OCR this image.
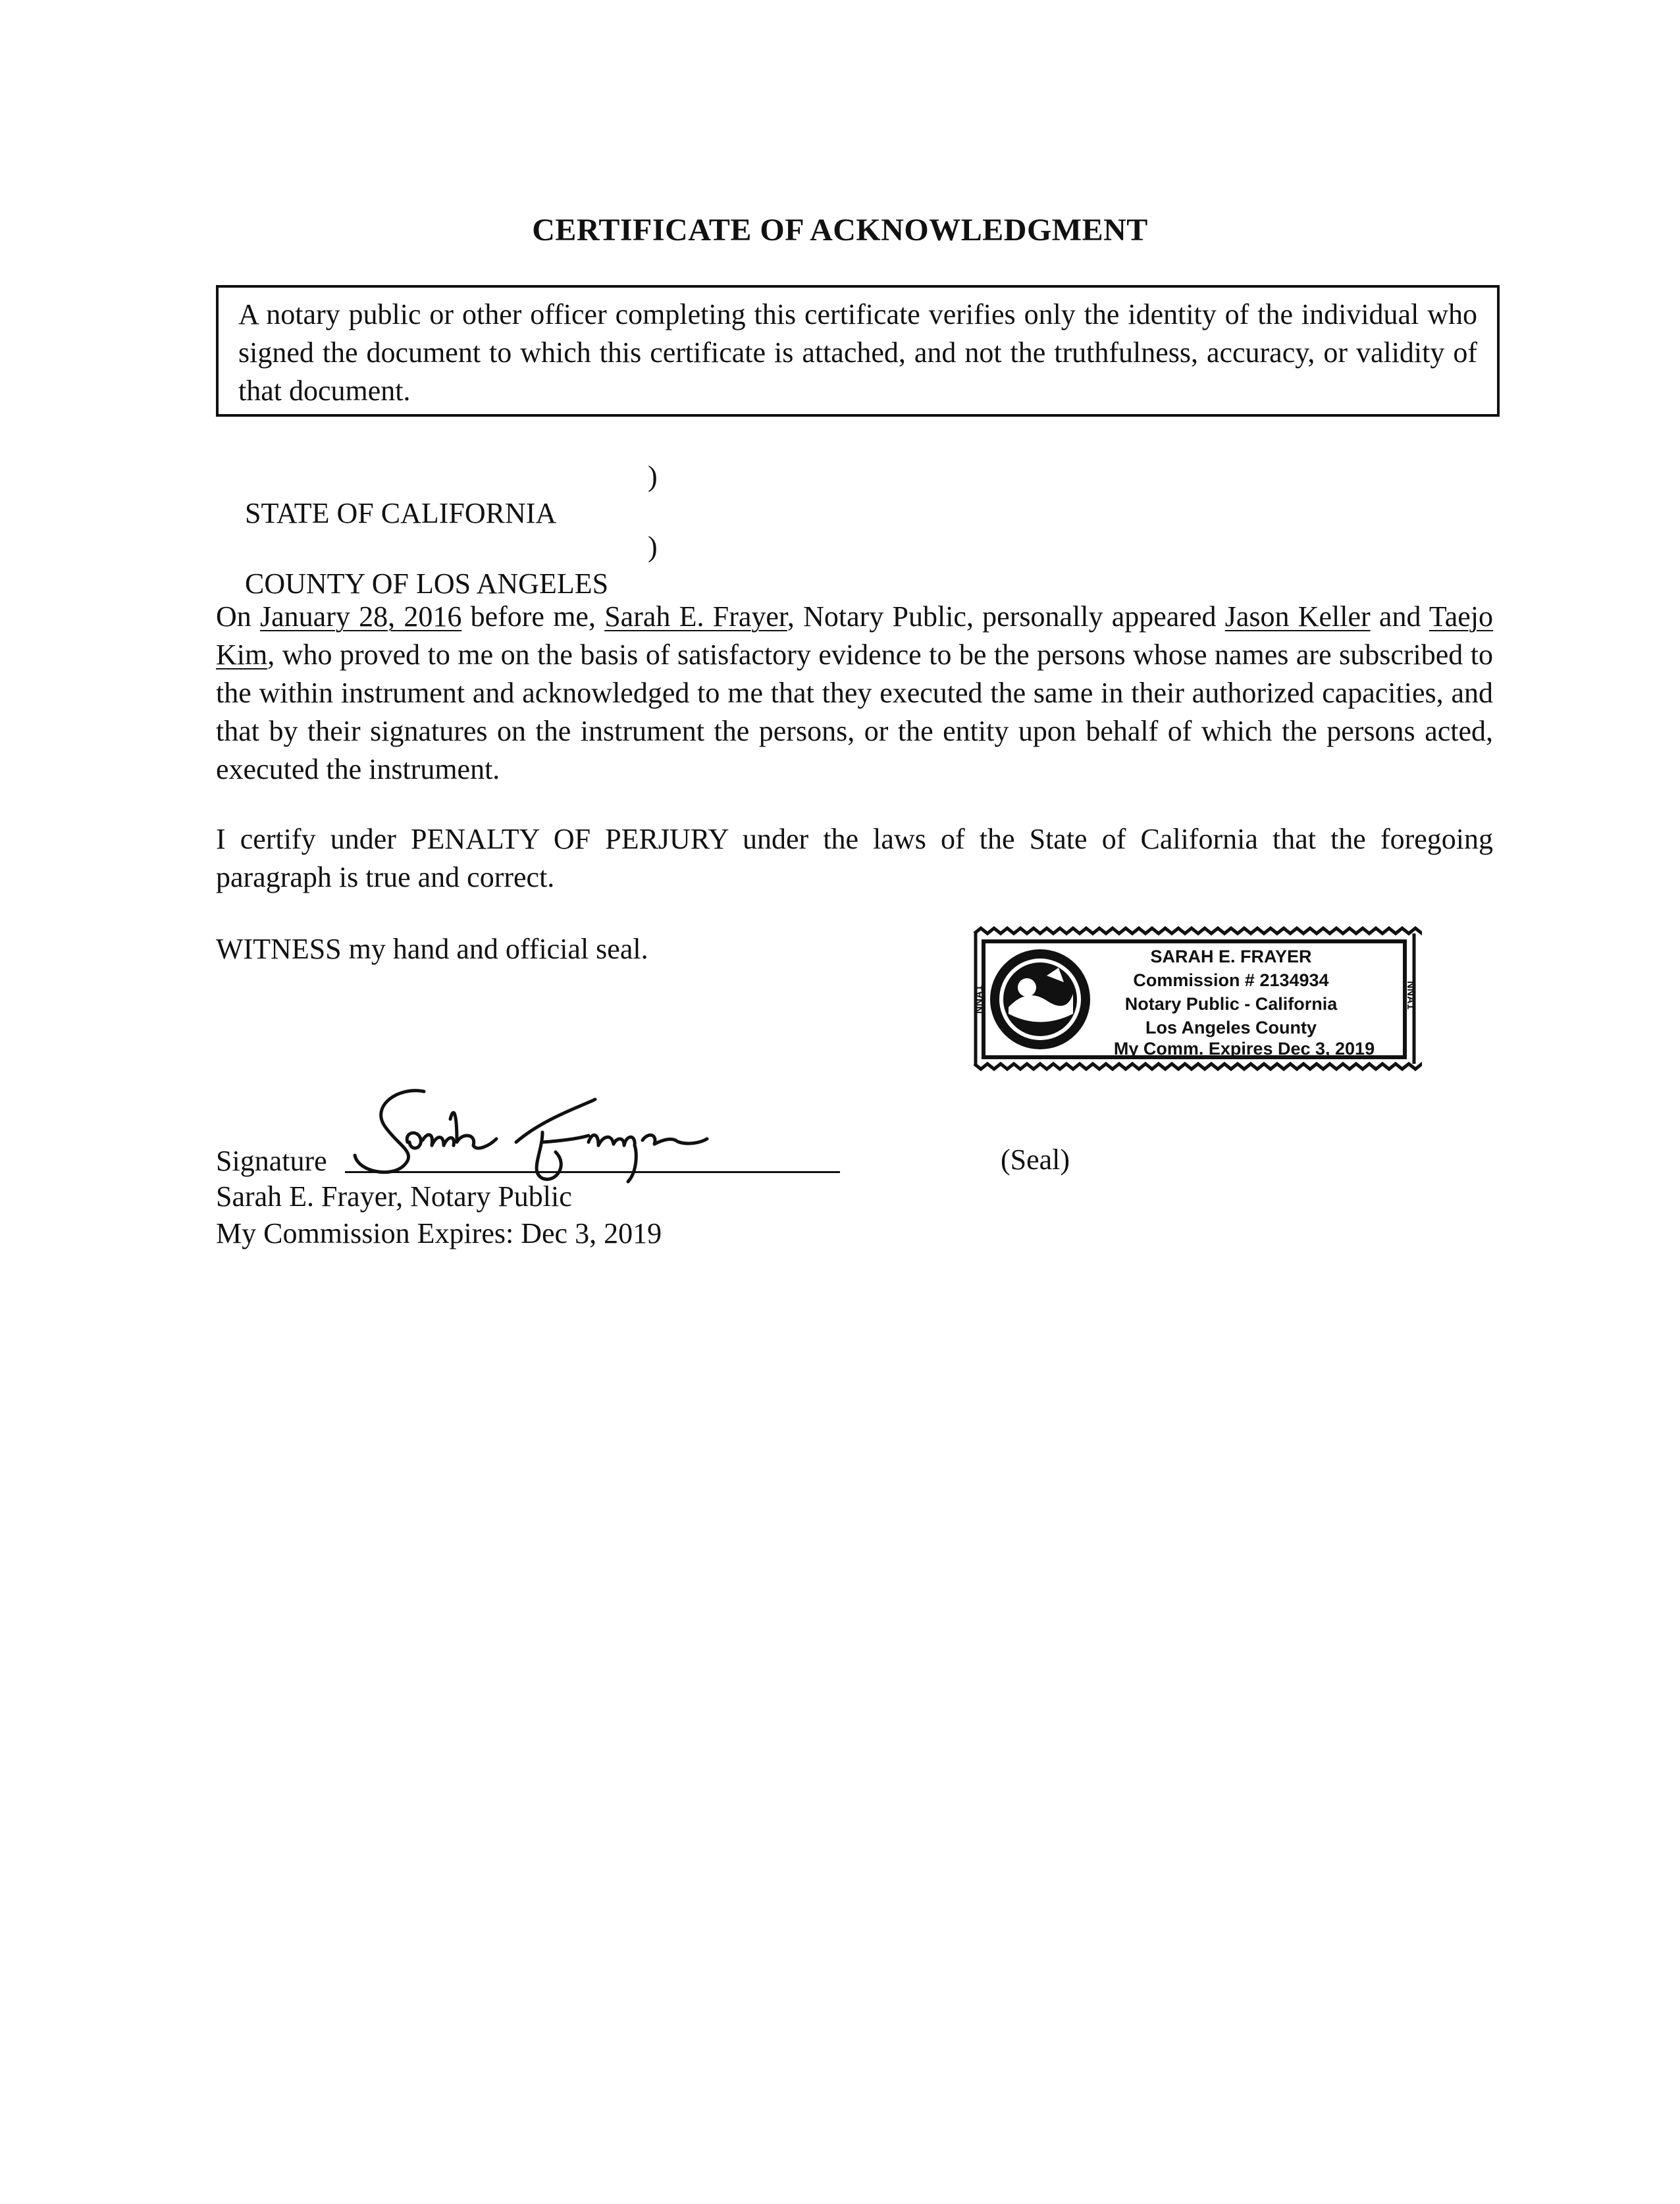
CERTIFICATE OF ACKNOWLEDGMENT
A notary public or other officer completing this certificate verifies only the identity of the individual who signed the document to which this certificate is attached, and not the truthfulness, accuracy, or validity of that document.

STATE OF CALIFORNIA

)

COUNTY OF LOS ANGELES

)

On January 28, 2016 before me, Sarah E. Frayer, Notary Public, personally appeared Jason Keller and Taejo Kim, who proved to me on the basis of satisfactory evidence to be the persons whose names are subscribed to the within instrument and acknowledged to me that they executed the same in their authorized capacities, and that by their signatures on the instrument the persons, or the entity upon behalf of which the persons acted, executed the instrument.
I certify under PENALTY OF PERJURY under the laws of the State of California that the foregoing paragraph is true and correct.
WITNESS my hand and official seal.
NNA1	NNA1
SARAH E. FRAYER
Commission # 2134934
Notary Public - California
Los Angeles County
My Comm. Expires Dec 3, 2019
Signature	(Seal)
Sarah E. Frayer, Notary Public
My Commission Expires: Dec 3, 2019
